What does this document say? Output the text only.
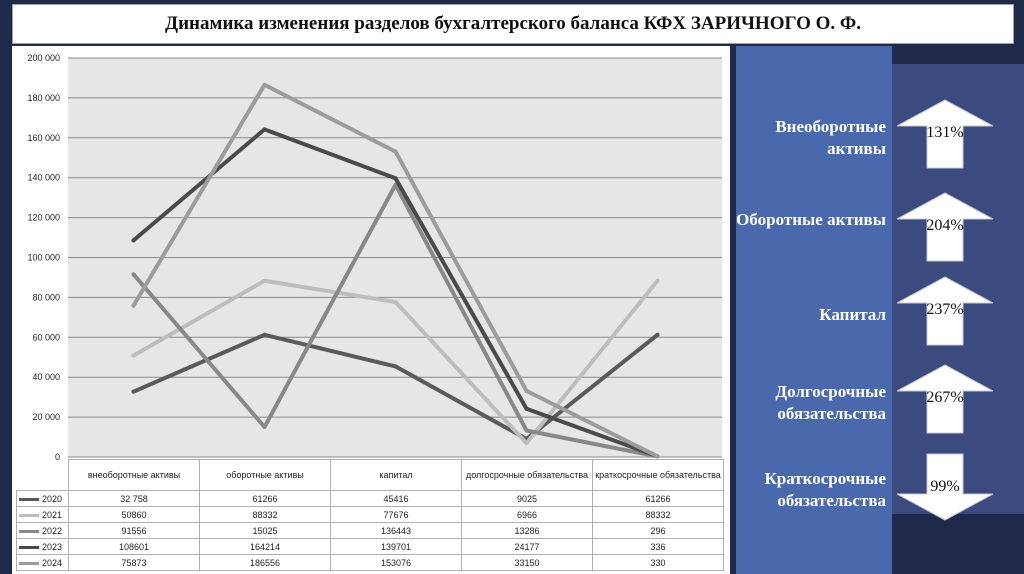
Динамика изменения разделов бухгалтерского баланса КФХ ЗАРИЧНОГО О. Ф.
0
20 000
40 000
60 000
80 000
100 000
120 000
140 000
160 000
180 000
200 000
	внеоборотные активы	оборотные активы	капитал	долгосрочные обязательства	краткосрочные обязательства
2020	32 758	61266	45416	9025	61266
2021	50860	88332	77676	6966	88332
2022	91556	15025	136443	13286	296
2023	108601	164214	139701	24177	336
2024	75873	186556	153076	33150	330
Внеоборотные активы
131%
Оборотные активы	204%
Капитал	237%
Долгосрочные обязательства
267%
Краткосрочные обязательства
99%
